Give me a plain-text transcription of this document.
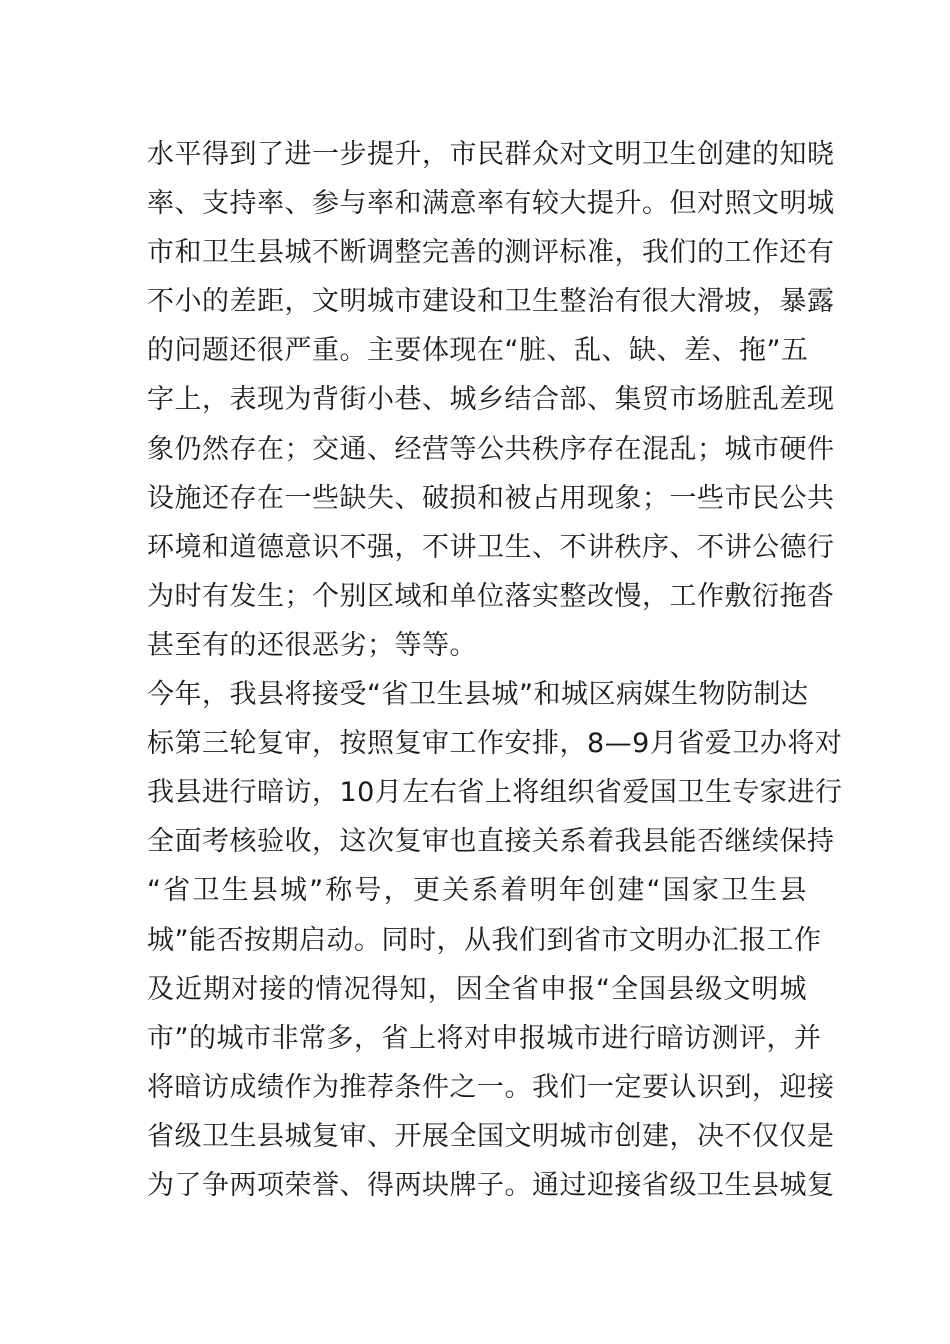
水平得到了进一步提升，市民群众对文明卫生创建的知晓
率、支持率、参与率和满意率有较大提升。但对照文明城
市和卫生县城不断调整完善的测评标准，我们的工作还有
不小的差距，文明城市建设和卫生整治有很大滑坡，暴露
的问题还很严重。主要体现在“脏、乱、缺、差、拖”五
字上，表现为背街小巷、城乡结合部、集贸市场脏乱差现
象仍然存在；交通、经营等公共秩序存在混乱；城市硬件
设施还存在一些缺失、破损和被占用现象；一些市民公共
环境和道德意识不强，不讲卫生、不讲秩序、不讲公德行
为时有发生；个别区域和单位落实整改慢，工作敷衍拖沓
甚至有的还很恶劣；等等。
今年，我县将接受“省卫生县城”和城区病媒生物防制达
标第三轮复审，按照复审工作安排，8—9月省爱卫办将对
我县进行暗访，10月左右省上将组织省爱国卫生专家进行
全面考核验收，这次复审也直接关系着我县能否继续保持
“省卫生县城”称号，更关系着明年创建“国家卫生县
城”能否按期启动。同时，从我们到省市文明办汇报工作
及近期对接的情况得知，因全省申报“全国县级文明城
市”的城市非常多，省上将对申报城市进行暗访测评，并
将暗访成绩作为推荐条件之一。我们一定要认识到，迎接
省级卫生县城复审、开展全国文明城市创建，决不仅仅是
为了争两项荣誉、得两块牌子。通过迎接省级卫生县城复
